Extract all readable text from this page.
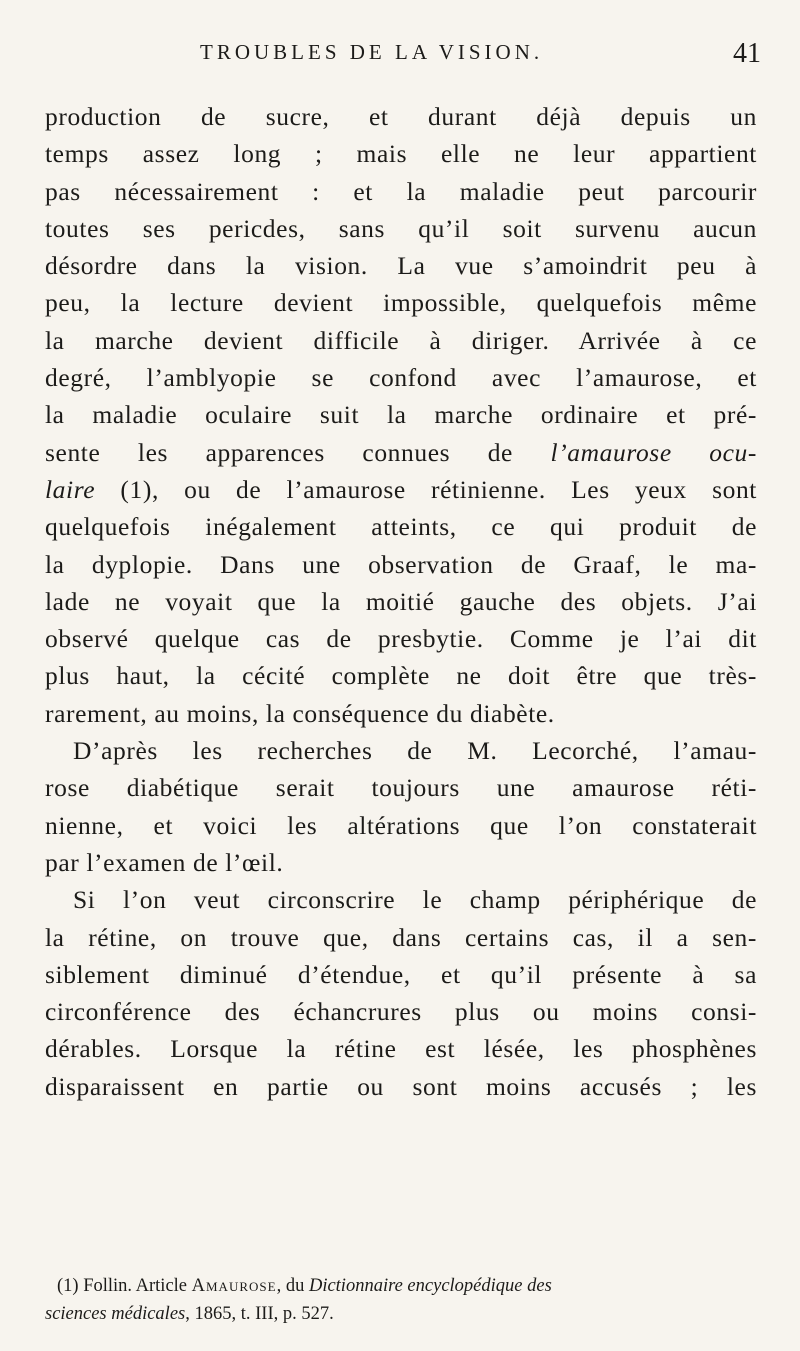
TROUBLES DE LA VISION.	41
production de sucre, et durant déjà depuis un
temps assez long ; mais elle ne leur appartient
pas nécessairement : et la maladie peut parcourir
toutes ses pericdes, sans qu’il soit survenu aucun
désordre dans la vision. La vue s’amoindrit peu à
peu, la lecture devient impossible, quelquefois même
la marche devient difficile à diriger. Arrivée à ce
degré, l’amblyopie se confond avec l’amaurose, et
la maladie oculaire suit la marche ordinaire et pré-
sente les apparences connues de l’amaurose ocu-
laire (1), ou de l’amaurose rétinienne. Les yeux sont
quelquefois inégalement atteints, ce qui produit de
la dyplopie. Dans une observation de Graaf, le ma-
lade ne voyait que la moitié gauche des objets. J’ai
observé quelque cas de presbytie. Comme je l’ai dit
plus haut, la cécité complète ne doit être que très-
rarement, au moins, la conséquence du diabète.
D’après les recherches de M. Lecorché, l’amau-
rose diabétique serait toujours une amaurose réti-
nienne, et voici les altérations que l’on constaterait
par l’examen de l’œil.
Si l’on veut circonscrire le champ périphérique de
la rétine, on trouve que, dans certains cas, il a sen-
siblement diminué d’étendue, et qu’il présente à sa
circonférence des échancrures plus ou moins consi-
dérables. Lorsque la rétine est lésée, les phosphènes
disparaissent en partie ou sont moins accusés ; les
(1) Follin. Article Amaurose, du Dictionnaire encyclopédique des
sciences médicales, 1865, t. III, p. 527.
